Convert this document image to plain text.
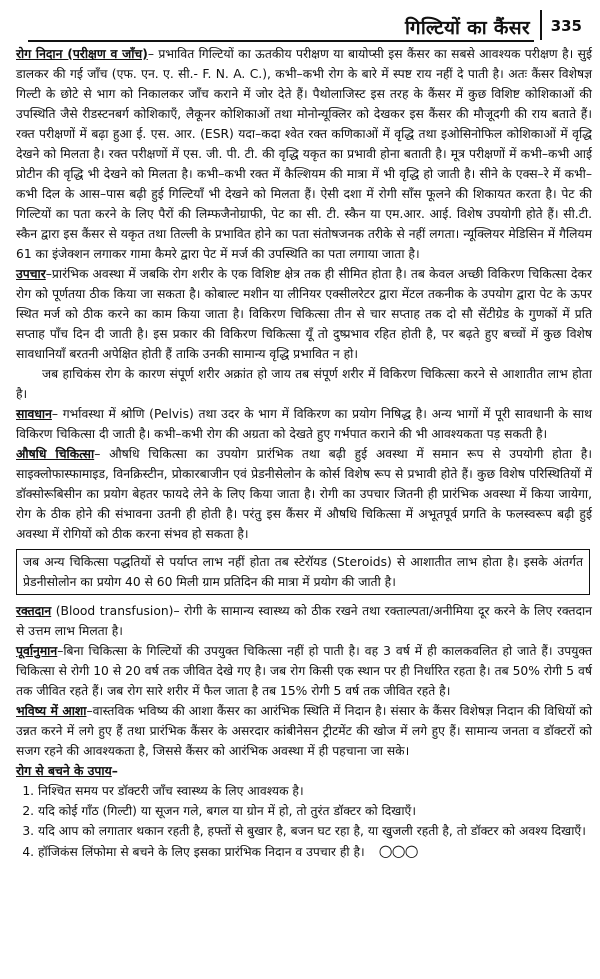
गिल्टियों का कैंसर 335

रोग निदान (परीक्षण व जाँच)– प्रभावित गिल्टियों का ऊतकीय परीक्षण या बायोप्सी इस कैंसर का सबसे आवश्यक परीक्षण है। सुई डालकर की गई जाँच (एफ. एन. ए. सी.- F. N. A. C.), कभी–कभी रोग के बारे में स्पष्ट राय नहीं दे पाती है। अतः कैंसर विशेषज्ञ गिल्टी के छोटे से भाग को निकालकर जाँच कराने में जोर देते हैं। पैथोलाजिस्ट इस तरह के कैंसर में कुछ विशिष्ट कोशिकाओं की उपस्थिति जैसे रीडस्टनबर्ग कोशिकाएँ, लैकूनर कोशिकाओं तथा मोनोन्यूक्लिर को देखकर इस कैंसर की मौजूदगी की राय बताते हैं। रक्त परीक्षणों में बढ़ा हुआ ई. एस. आर. (ESR) यदा–कदा श्वेत रक्त कणिकाओं में वृद्धि तथा इओसिनोफिल कोशिकाओं में वृद्धि देखने को मिलता है। रक्त परीक्षणों में एस. जी. पी. टी. की वृद्धि यकृत का प्रभावी होना बताती है। मूत्र परीक्षणों में कभी–कभी आई प्रोटीन की वृद्धि भी देखने को मिलता है। कभी–कभी रक्त में कैल्शियम की मात्रा में भी वृद्धि हो जाती है। सीने के एक्स–रे में कभी–कभी दिल के आस–पास बढ़ी हुई गिल्टियाँ भी देखने को मिलता हैं। ऐसी दशा में रोगी साँस फूलने की शिकायत करता है। पेट की गिल्टियों का पता करने के लिए पैरों की लिम्फजैनोग्राफी, पेट का सी. टी. स्कैन या एम.आर. आई. विशेष उपयोगी होते हैं। सी.टी. स्कैन द्वारा इस कैंसर से यकृत तथा तिल्ली के प्रभावित होने का पता संतोषजनक तरीके से नहीं लगता। न्यूक्लियर मेडिसिन में गैलियम 61 का इंजेक्शन लगाकर गामा कैमरे द्वारा पेट में मर्ज की उपस्थिति का पता लगाया जाता है।

उपचार–प्रारंभिक अवस्था में जबकि रोग शरीर के एक विशिष्ट क्षेत्र तक ही सीमित होता है। तब केवल अच्छी विकिरण चिकित्सा देकर रोग को पूर्णतया ठीक किया जा सकता है। कोबाल्ट मशीन या लीनियर एक्सीलरेटर द्वारा मेंटल तकनीक के उपयोग द्वारा पेट के ऊपर स्थित मर्ज को ठीक करने का काम किया जाता है। विकिरण चिकित्सा तीन से चार सप्ताह तक दो सौ सेंटीग्रेड के गुणकों में प्रति सप्ताह पाँच दिन दी जाती है। इस प्रकार की विकिरण चिकित्सा यूँ तो दुष्प्रभाव रहित होती है, पर बढ़ते हुए बच्चों में कुछ विशेष सावधानियाँ बरतनी अपेक्षित होती हैं ताकि उनकी सामान्य वृद्धि प्रभावित न हो।

जब हाचिकंस रोग के कारण संपूर्ण शरीर अक्रांत हो जाय तब संपूर्ण शरीर में विकिरण चिकित्सा करने से आशातीत लाभ होता है।

सावधान– गर्भावस्था में श्रोणि (Pelvis) तथा उदर के भाग में विकिरण का प्रयोग निषिद्ध है। अन्य भागों में पूरी सावधानी के साथ विकिरण चिकित्सा दी जाती है। कभी–कभी रोग की अग्रता को देखते हुए गर्भपात कराने की भी आवश्यकता पड़ सकती है।

औषधि चिकित्सा– औषधि चिकित्सा का उपयोग प्रारंभिक तथा बढ़ी हुई अवस्था में समान रूप से उपयोगी होता है। साइक्लोफास्फामाइड, विनक्रिस्टीन, प्रोकारबाजीन एवं प्रेडनीसेलोन के कोर्स विशेष रूप से प्रभावी होते हैं। कुछ विशेष परिस्थितियों में डॉक्सोरूबिसीन का प्रयोग बेहतर फायदे लेने के लिए किया जाता है। रोगी का उपचार जितनी ही प्रारंभिक अवस्था में किया जायेगा, रोग के ठीक होने की संभावना उतनी ही होती है। परंतु इस कैंसर में औषधि चिकित्सा में अभूतपूर्व प्रगति के फलस्वरूप बढ़ी हुई अवस्था में रोगियों को ठीक करना संभव हो सकता है।

जब अन्य चिकित्सा पद्धतियों से पर्याप्त लाभ नहीं होता तब स्टेरॉयड (Steroids) से आशातीत लाभ होता है। इसके अंतर्गत प्रेडनीसोलोन का प्रयोग 40 से 60 मिली ग्राम प्रतिदिन की मात्रा में प्रयोग की जाती है।

रक्तदान (Blood transfusion)– रोगी के सामान्य स्वास्थ्य को ठीक रखने तथा रक्ताल्पता/अनीमिया दूर करने के लिए रक्तदान से उत्तम लाभ मिलता है।

पूर्वानुमान–बिना चिकित्सा के गिल्टियों की उपयुक्त चिकित्सा नहीं हो पाती है। वह 3 वर्ष में ही कालकवलित हो जाते हैं। उपयुक्त चिकित्सा से रोगी 10 से 20 वर्ष तक जीवित देखे गए है। जब रोग किसी एक स्थान पर ही निर्धारित रहता है। तब 50% रोगी 5 वर्ष तक जीवित रहते हैं। जब रोग सारे शरीर में फैल जाता है तब 15% रोगी 5 वर्ष तक जीवित रहते है।

भविष्य में आशा–वास्तविक भविष्य की आशा कैंसर का आरंभिक स्थिति में निदान है। संसार के कैंसर विशेषज्ञ निदान की विधियों को उन्नत करने में लगे हुए हैं तथा प्रारंभिक कैंसर के असरदार कांबीनेसन ट्रीटमेंट की खोज में लगे हुए हैं। सामान्य जनता व डॉक्टरों को सजग रहने की आवश्यकता है, जिससे कैंसर को आरंभिक अवस्था में ही पहचाना जा सके।

रोग से बचने के उपाय–

1. निश्चित समय पर डॉक्टरी जाँच स्वास्थ्य के लिए आवश्यक है।
2. यदि कोई गाँठ (गिल्टी) या सूजन गले, बगल या ग्रोन में हो, तो तुरंत डॉक्टर को दिखाएँ।
3. यदि आप को लगातार थकान रहती है, हफ्तों से बुखार है, बजन घट रहा है, या खुजली रहती है, तो डॉक्टर को अवश्य दिखाएँ।
4. हॉजिकंस लिंफोमा से बचने के लिए इसका प्रारंभिक निदान व उपचार ही है। ○○○
